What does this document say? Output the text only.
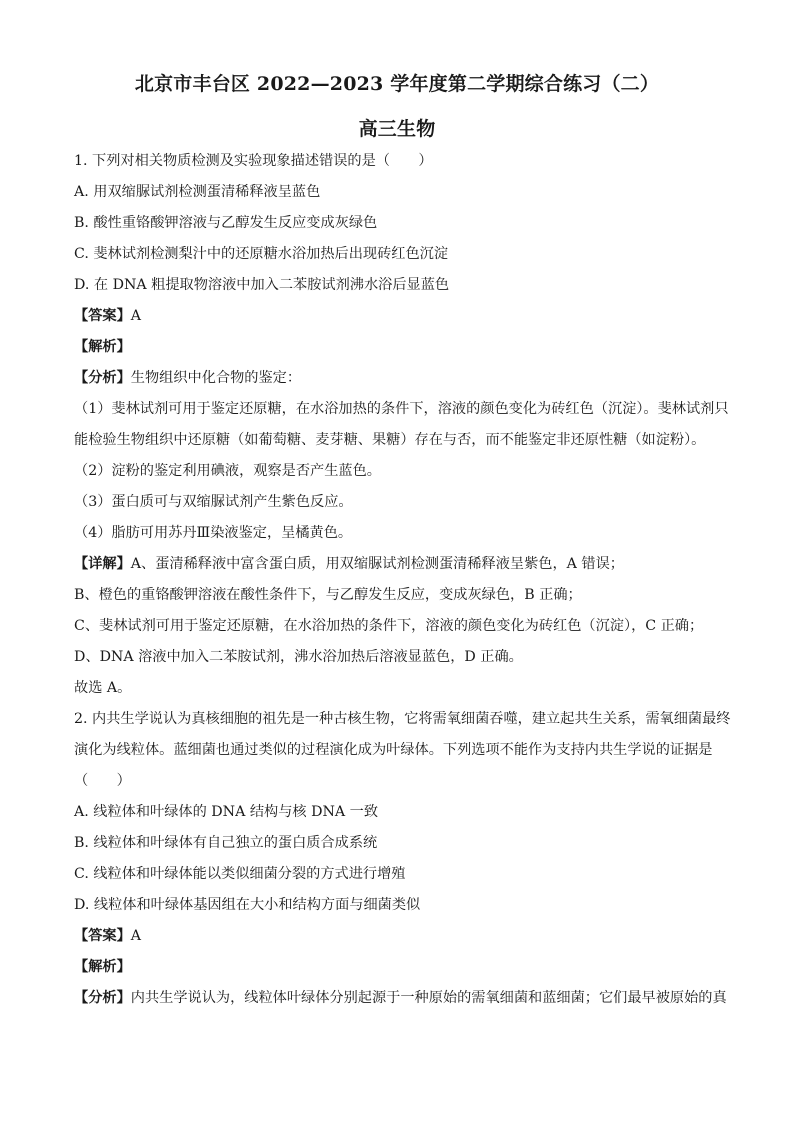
北京市丰台区 2022—2023 学年度第二学期综合练习（二）
高三生物
1. 下列对相关物质检测及实验现象描述错误的是（　　）
A. 用双缩脲试剂检测蛋清稀释液呈蓝色
B. 酸性重铬酸钾溶液与乙醇发生反应变成灰绿色
C. 斐林试剂检测梨汁中的还原糖水浴加热后出现砖红色沉淀
D. 在 DNA 粗提取物溶液中加入二苯胺试剂沸水浴后显蓝色
【答案】A
【解析】
【分析】生物组织中化合物的鉴定：
（1）斐林试剂可用于鉴定还原糖，在水浴加热的条件下，溶液的颜色变化为砖红色（沉淀）。斐林试剂只
能检验生物组织中还原糖（如葡萄糖、麦芽糖、果糖）存在与否，而不能鉴定非还原性糖（如淀粉）。
（2）淀粉的鉴定利用碘液，观察是否产生蓝色。
（3）蛋白质可与双缩脲试剂产生紫色反应。
（4）脂肪可用苏丹Ⅲ染液鉴定，呈橘黄色。
【详解】A、蛋清稀释液中富含蛋白质，用双缩脲试剂检测蛋清稀释液呈紫色，A 错误；
B、橙色的重铬酸钾溶液在酸性条件下，与乙醇发生反应，变成灰绿色，B 正确；
C、斐林试剂可用于鉴定还原糖，在水浴加热的条件下，溶液的颜色变化为砖红色（沉淀），C 正确；
D、DNA 溶液中加入二苯胺试剂，沸水浴加热后溶液显蓝色，D 正确。
故选 A。
2. 内共生学说认为真核细胞的祖先是一种古核生物，它将需氧细菌吞噬，建立起共生关系，需氧细菌最终
演化为线粒体。蓝细菌也通过类似的过程演化成为叶绿体。下列选项不能作为支持内共生学说的证据是
（　　）
A. 线粒体和叶绿体的 DNA 结构与核 DNA 一致
B. 线粒体和叶绿体有自己独立的蛋白质合成系统
C. 线粒体和叶绿体能以类似细菌分裂的方式进行增殖
D. 线粒体和叶绿体基因组在大小和结构方面与细菌类似
【答案】A
【解析】
【分析】内共生学说认为，线粒体叶绿体分别起源于一种原始的需氧细菌和蓝细菌；它们最早被原始的真
